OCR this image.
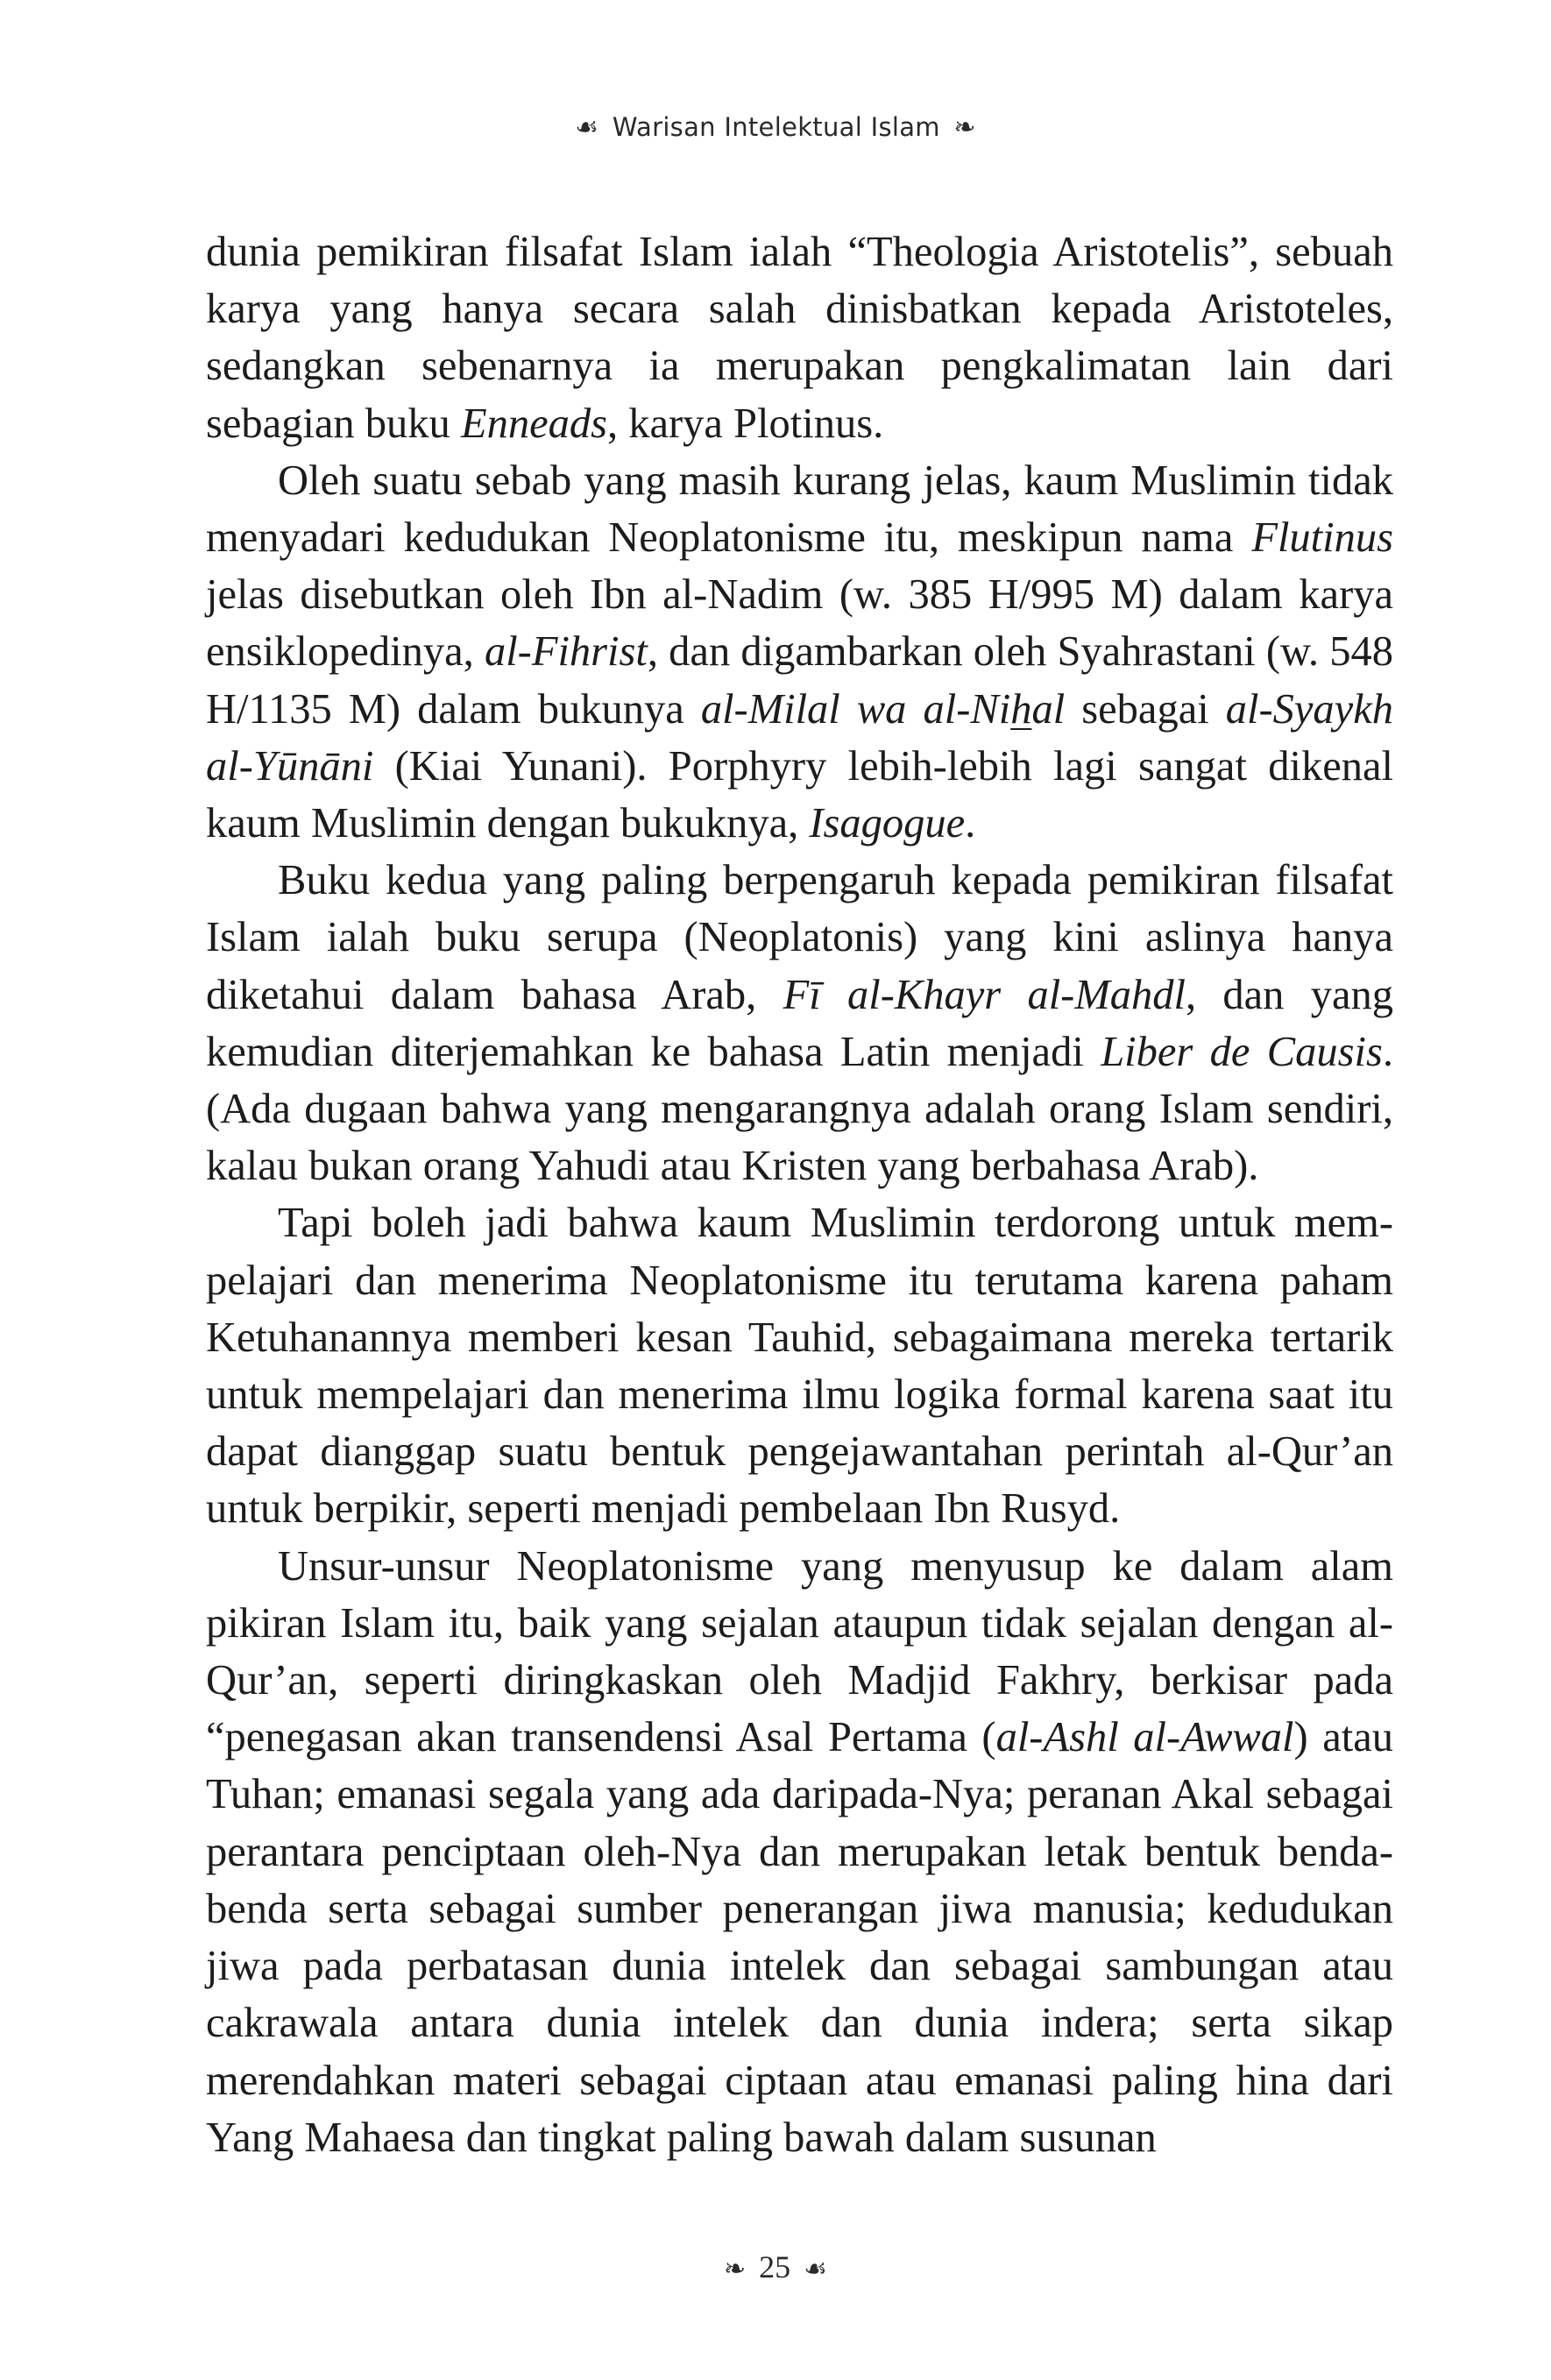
☙ Warisan Intelektual Islam ❧

dunia pemikiran filsafat Islam ialah “Theologia Aristotelis”, sebuah karya yang hanya secara salah dinisbatkan kepada Aristoteles, sedangkan sebenarnya ia merupakan pengkalimatan lain dari sebagian buku Enneads, karya Plotinus.

Oleh suatu sebab yang masih kurang jelas, kaum Muslimin tidak menyadari kedudukan Neoplatonisme itu, meskipun nama Flutinus jelas disebutkan oleh Ibn al-Nadim (w. 385 H/995 M) dalam karya ensiklopedinya, al-Fihrist, dan digambarkan oleh Syahrastani (w. 548 H/1135 M) dalam bukunya al-Milal wa al-Nihal sebagai al-Syaykh al-Yūnāni (Kiai Yunani). Porphyry lebih-lebih lagi sangat dikenal kaum Muslimin dengan bukuknya, Isagogue.

Buku kedua yang paling berpengaruh kepada pemikiran filsafat Islam ialah buku serupa (Neoplatonis) yang kini aslinya hanya diketahui dalam bahasa Arab, Fī al-Khayr al-Mahdl, dan yang kemudian diterjemahkan ke bahasa Latin menjadi Liber de Causis. (Ada dugaan bahwa yang mengarangnya adalah orang Islam sendiri, kalau bukan orang Yahudi atau Kristen yang berbahasa Arab).

Tapi boleh jadi bahwa kaum Muslimin terdorong untuk mem-pelajari dan menerima Neoplatonisme itu terutama karena paham Ketuhanannya memberi kesan Tauhid, sebagaimana mereka tertarik untuk mempelajari dan menerima ilmu logika formal karena saat itu dapat dianggap suatu bentuk pengejawantahan perintah al-Qur’an untuk berpikir, seperti menjadi pembelaan Ibn Rusyd.

Unsur-unsur Neoplatonisme yang menyusup ke dalam alam pikiran Islam itu, baik yang sejalan ataupun tidak sejalan dengan al-Qur’an, seperti diringkaskan oleh Madjid Fakhry, berkisar pada “penegasan akan transendensi Asal Pertama (al-Ashl al-Awwal) atau Tuhan; emanasi segala yang ada daripada-Nya; peranan Akal sebagai perantara penciptaan oleh-Nya dan merupakan letak bentuk benda-benda serta sebagai sumber penerangan jiwa manusia; kedudukan jiwa pada perbatasan dunia intelek dan sebagai sambungan atau cakrawala antara dunia intelek dan dunia indera; serta sikap merendahkan materi sebagai ciptaan atau emanasi paling hina dari Yang Mahaesa dan tingkat paling bawah dalam susunan

❧ 25 ☙
